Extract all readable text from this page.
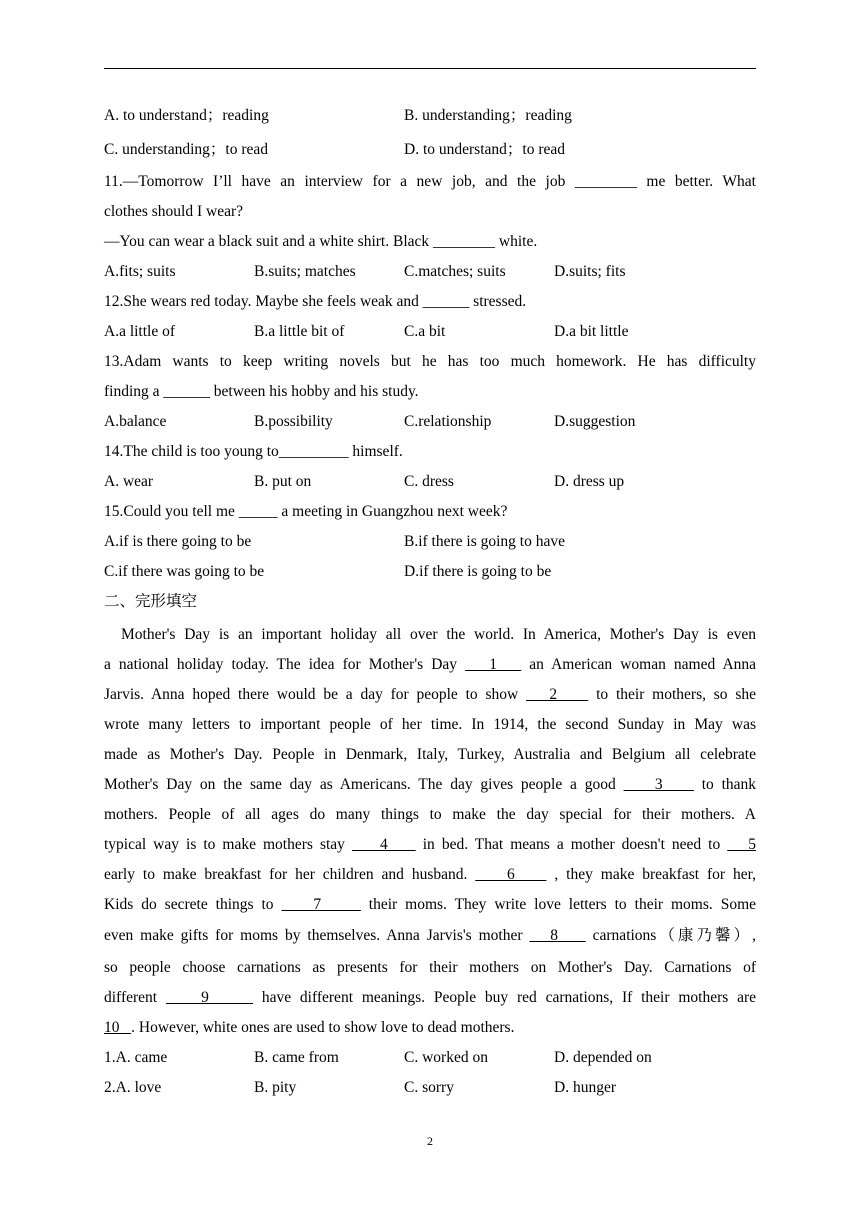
A. to understand；reading	B. understanding；reading
C. understanding；to read	D. to understand；to read
11.—Tomorrow I’ll have an interview for a new job, and the job ________ me better. What
clothes should I wear?
—You can wear a black suit and a white shirt. Black ________ white.
A.fits; suits	B.suits; matches	C.matches; suits	D.suits; fits
12.She wears red today. Maybe she feels weak and ______ stressed.
A.a little of	B.a little bit of	C.a bit	D.a bit little
13.Adam wants to keep writing novels but he has too much homework. He has difficulty
finding a ______ between his hobby and his study.
A.balance	B.possibility	C.relationship	D.suggestion
14.The child is too young to_________ himself.
A. wear	B. put on	C. dress	D. dress up
15.Could you tell me _____ a meeting in Guangzhou next week?
A.if is there going to be	B.if there is going to have
C.if there was going to be	D.if there is going to be
二、完形填空
Mother's Day is an important holiday all over the world. In America, Mother's Day is even
a national holiday today. The idea for Mother's Day    1    an American woman named Anna
Jarvis. Anna hoped there would be a day for people to show    2     to their mothers, so she
wrote many letters to important people of her time. In 1914, the second Sunday in May was
made as Mother's Day. People in Denmark, Italy, Turkey, Australia and Belgium all celebrate
Mother's Day on the same day as Americans. The day gives people a good     3     to thank
mothers. People of all ages do many things to make the day special for their mothers. A
typical way is to make mothers stay     4     in bed. That means a mother doesn't need to    5
early to make breakfast for her children and husband.     6     , they make breakfast for her,
Kids do secrete things to     7      their moms. They write love letters to their moms. Some
even make gifts for moms by themselves. Anna Jarvis's mother    8     carnations（康乃馨）,
so people choose carnations as presents for their mothers on Mother's Day. Carnations of
different     9      have different meanings. People buy red carnations, If their mothers are
10   . However, white ones are used to show love to dead mothers.
1.A. came	B. came from	C. worked on	D. depended on
2.A. love	B. pity	C. sorry	D. hunger
2
